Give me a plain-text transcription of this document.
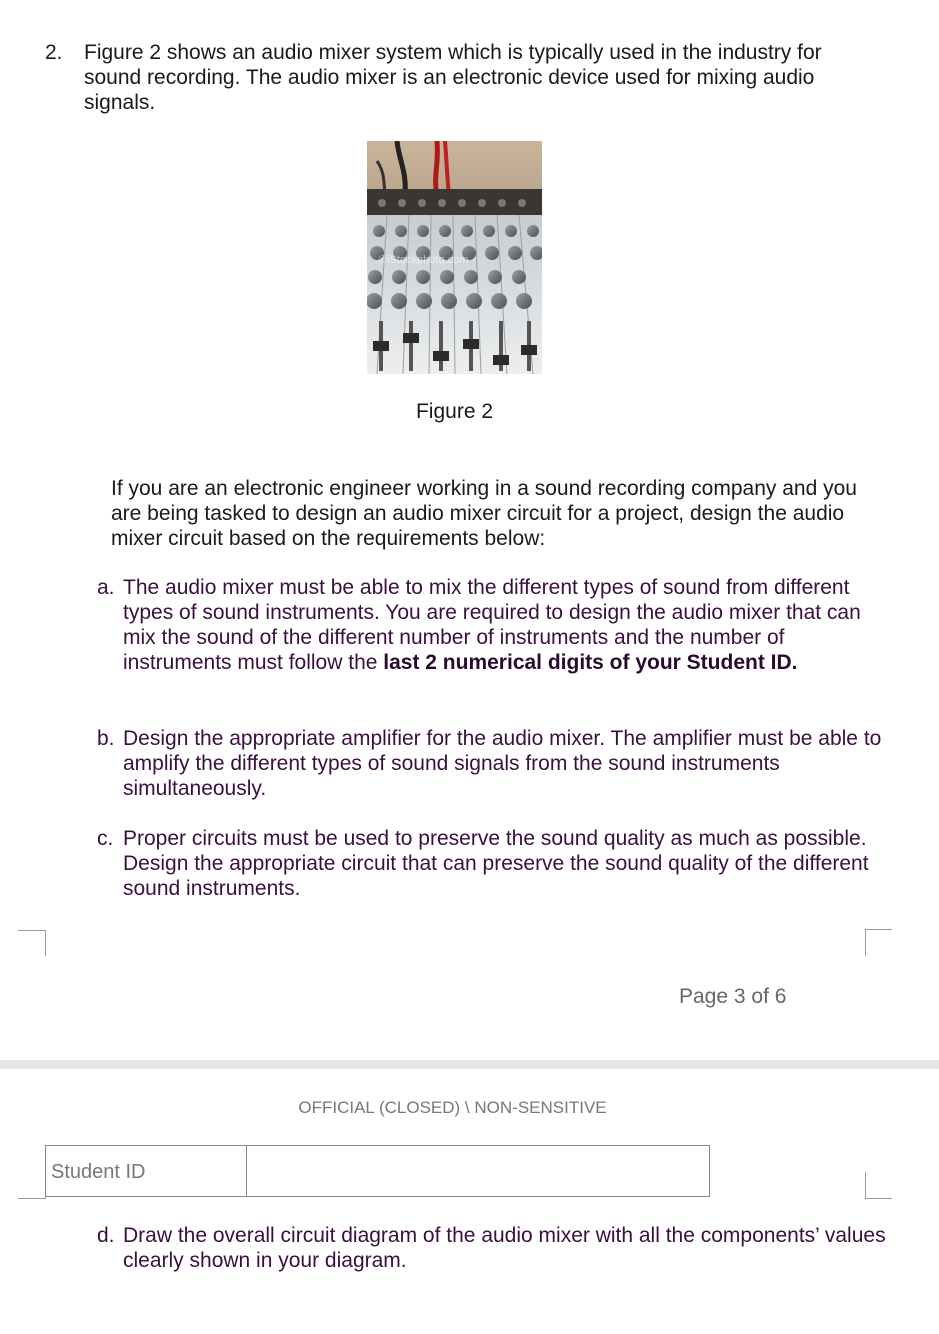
2. Figure 2 shows an audio mixer system which is typically used in the industry for sound recording. The audio mixer is an electronic device used for mixing audio signals.
©iStockphoto.com
Figure 2
If you are an electronic engineer working in a sound recording company and you are being tasked to design an audio mixer circuit for a project, design the audio mixer circuit based on the requirements below:
a. The audio mixer must be able to mix the different types of sound from different types of sound instruments. You are required to design the audio mixer that can mix the sound of the different number of instruments and the number of instruments must follow the last 2 numerical digits of your Student ID.
b. Design the appropriate amplifier for the audio mixer. The amplifier must be able to amplify the different types of sound signals from the sound instruments simultaneously.
c. Proper circuits must be used to preserve the sound quality as much as possible. Design the appropriate circuit that can preserve the sound quality of the different sound instruments.
Page 3 of 6
OFFICIAL (CLOSED) \ NON-SENSITIVE
Student ID
d. Draw the overall circuit diagram of the audio mixer with all the components’ values clearly shown in your diagram.
